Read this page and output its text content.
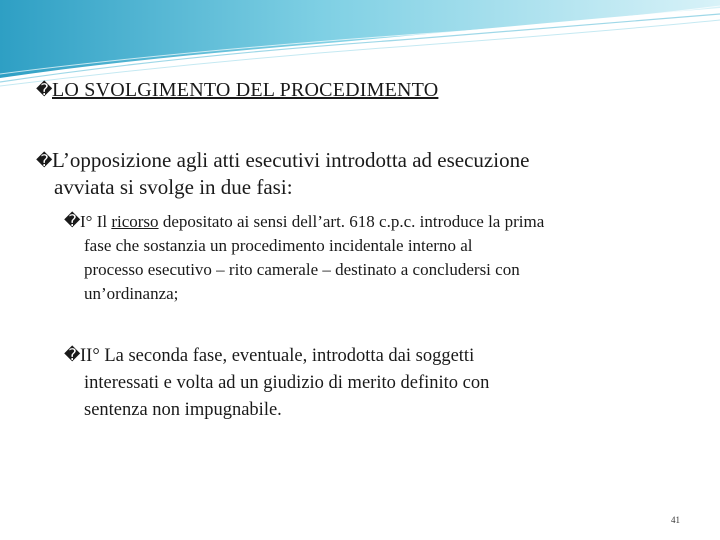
�LO SVOLGIMENTO DEL PROCEDIMENTO
�L’opposizione agli atti esecutivi introdotta ad esecuzione
avviata si svolge in due fasi:
�I° Il ricorso depositato ai sensi dell’art. 618 c.p.c. introduce la prima
fase che sostanzia un procedimento incidentale interno al
processo esecutivo – rito camerale – destinato a concludersi con
un’ordinanza;
�II° La seconda fase, eventuale, introdotta dai soggetti
interessati e volta ad un giudizio di merito definito con
sentenza non impugnabile.
41
